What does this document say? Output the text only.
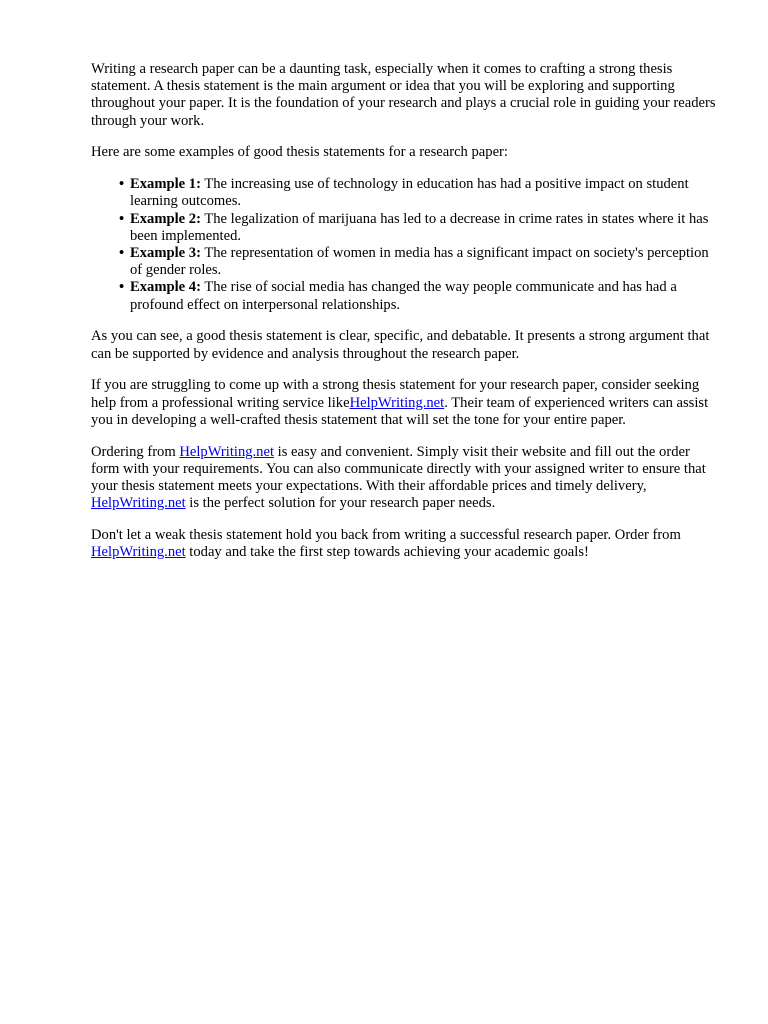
Writing a research paper can be a daunting task, especially when it comes to crafting a strong thesis statement. A thesis statement is the main argument or idea that you will be exploring and supporting throughout your paper. It is the foundation of your research and plays a crucial role in guiding your readers through your work.

Here are some examples of good thesis statements for a research paper:

• Example 1: The increasing use of technology in education has had a positive impact on student learning outcomes.
• Example 2: The legalization of marijuana has led to a decrease in crime rates in states where it has been implemented.
• Example 3: The representation of women in media has a significant impact on society's perception of gender roles.
• Example 4: The rise of social media has changed the way people communicate and has had a profound effect on interpersonal relationships.

As you can see, a good thesis statement is clear, specific, and debatable. It presents a strong argument that can be supported by evidence and analysis throughout the research paper.

If you are struggling to come up with a strong thesis statement for your research paper, consider seeking help from a professional writing service likeHelpWriting.net. Their team of experienced writers can assist you in developing a well-crafted thesis statement that will set the tone for your entire paper.

Ordering from HelpWriting.net is easy and convenient. Simply visit their website and fill out the order form with your requirements. You can also communicate directly with your assigned writer to ensure that your thesis statement meets your expectations. With their affordable prices and timely delivery, HelpWriting.net is the perfect solution for your research paper needs.

Don't let a weak thesis statement hold you back from writing a successful research paper. Order from HelpWriting.net today and take the first step towards achieving your academic goals!
